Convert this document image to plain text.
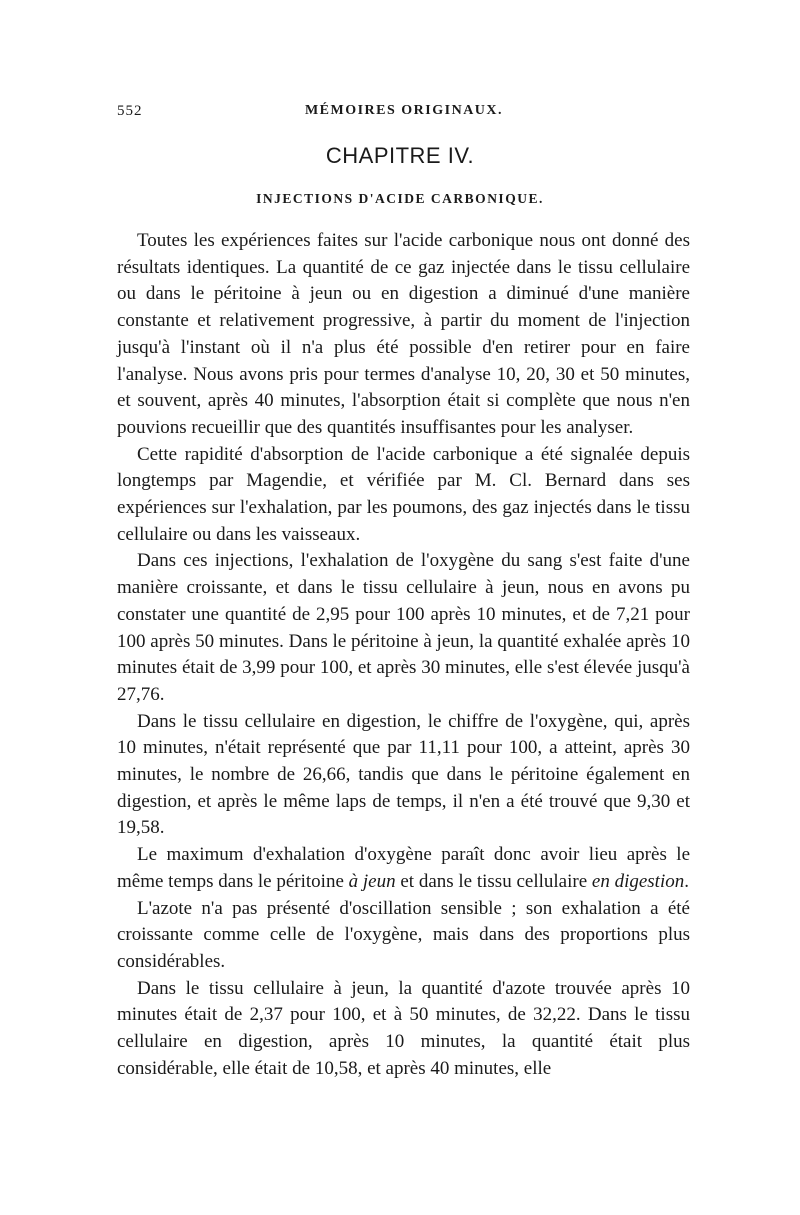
552	MÉMOIRES ORIGINAUX.
CHAPITRE IV.
INJECTIONS D'ACIDE CARBONIQUE.

Toutes les expériences faites sur l'acide carbonique nous ont donné des résultats identiques. La quantité de ce gaz injectée dans le tissu cellulaire ou dans le péritoine à jeun ou en digestion a diminué d'une manière constante et relativement progressive, à partir du moment de l'injection jusqu'à l'instant où il n'a plus été possible d'en retirer pour en faire l'analyse. Nous avons pris pour termes d'analyse 10, 20, 30 et 50 minutes, et souvent, après 40 minutes, l'absorption était si complète que nous n'en pouvions recueillir que des quantités insuffisantes pour les analyser.

Cette rapidité d'absorption de l'acide carbonique a été signalée depuis longtemps par Magendie, et vérifiée par M. Cl. Bernard dans ses expériences sur l'exhalation, par les poumons, des gaz injectés dans le tissu cellulaire ou dans les vaisseaux.

Dans ces injections, l'exhalation de l'oxygène du sang s'est faite d'une manière croissante, et dans le tissu cellulaire à jeun, nous en avons pu constater une quantité de 2,95 pour 100 après 10 minutes, et de 7,21 pour 100 après 50 minutes. Dans le péritoine à jeun, la quantité exhalée après 10 minutes était de 3,99 pour 100, et après 30 minutes, elle s'est élevée jusqu'à 27,76.

Dans le tissu cellulaire en digestion, le chiffre de l'oxygène, qui, après 10 minutes, n'était représenté que par 11,11 pour 100, a atteint, après 30 minutes, le nombre de 26,66, tandis que dans le péritoine également en digestion, et après le même laps de temps, il n'en a été trouvé que 9,30 et 19,58.

Le maximum d'exhalation d'oxygène paraît donc avoir lieu après le même temps dans le péritoine à jeun et dans le tissu cellulaire en digestion.

L'azote n'a pas présenté d'oscillation sensible ; son exhalation a été croissante comme celle de l'oxygène, mais dans des proportions plus considérables.

Dans le tissu cellulaire à jeun, la quantité d'azote trouvée après 10 minutes était de 2,37 pour 100, et à 50 minutes, de 32,22. Dans le tissu cellulaire en digestion, après 10 minutes, la quantité était plus considérable, elle était de 10,58, et après 40 minutes, elle
